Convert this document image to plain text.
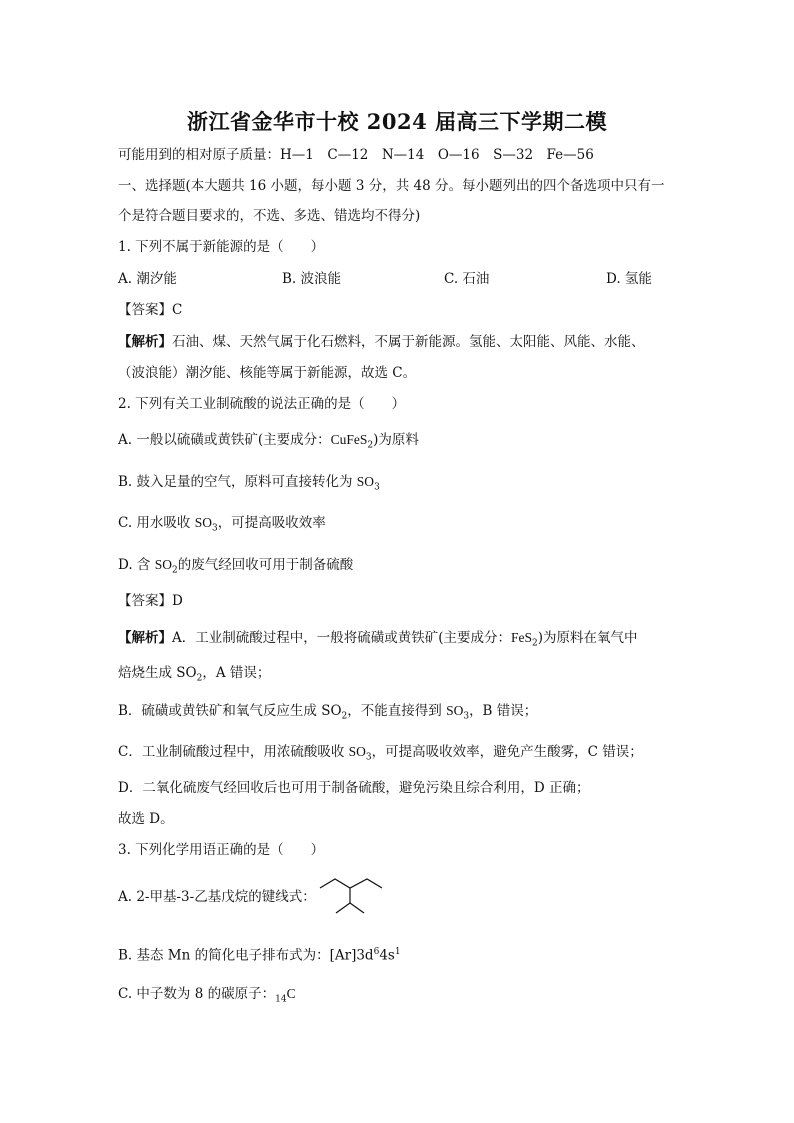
浙江省金华市十校 2024 届高三下学期二模
可能用到的相对原子质量：H—1　C—12　N—14　O—16　S—32　Fe—56
一、选择题(本大题共 16 小题，每小题 3 分，共 48 分。每小题列出的四个备选项中只有一
个是符合题目要求的，不选、多选、错选均不得分)
1. 下列不属于新能源的是（　　）
A. 潮汐能	B. 波浪能	C. 石油	D. 氢能
【答案】C
【解析】石油、煤、天然气属于化石燃料，不属于新能源。氢能、太阳能、风能、水能、
（波浪能）潮汐能、核能等属于新能源，故选 C。
2. 下列有关工业制硫酸的说法正确的是（　　）
A. 一般以硫磺或黄铁矿(主要成分：CuFeS$_2$)为原料
B. 鼓入足量的空气，原料可直接转化为 $SO_3$
C. 用水吸收 $SO_3$，可提高吸收效率
D. 含 $SO_2$的废气经回收可用于制备硫酸
【答案】D
【解析】A．工业制硫酸过程中，一般将硫磺或黄铁矿(主要成分：FeS$_2$)为原料在氧气中
焙烧生成 $SO_2$，A 错误；
B．硫磺或黄铁矿和氧气反应生成 $SO_2$，不能直接得到 $SO_3$，B 错误；
C．工业制硫酸过程中，用浓硫酸吸收 $SO_3$，可提高吸收效率，避免产生酸雾，C 错误；
D．二氧化硫废气经回收后也可用于制备硫酸，避免污染且综合利用，D 正确；
故选 D。
3. 下列化学用语正确的是（　　）
A. 2-甲基-3-乙基戊烷的键线式：
B. 基态 Mn 的简化电子排布式为：$[Ar]3d^64s^1$
C. 中子数为 8 的碳原子：$_{14}$C
